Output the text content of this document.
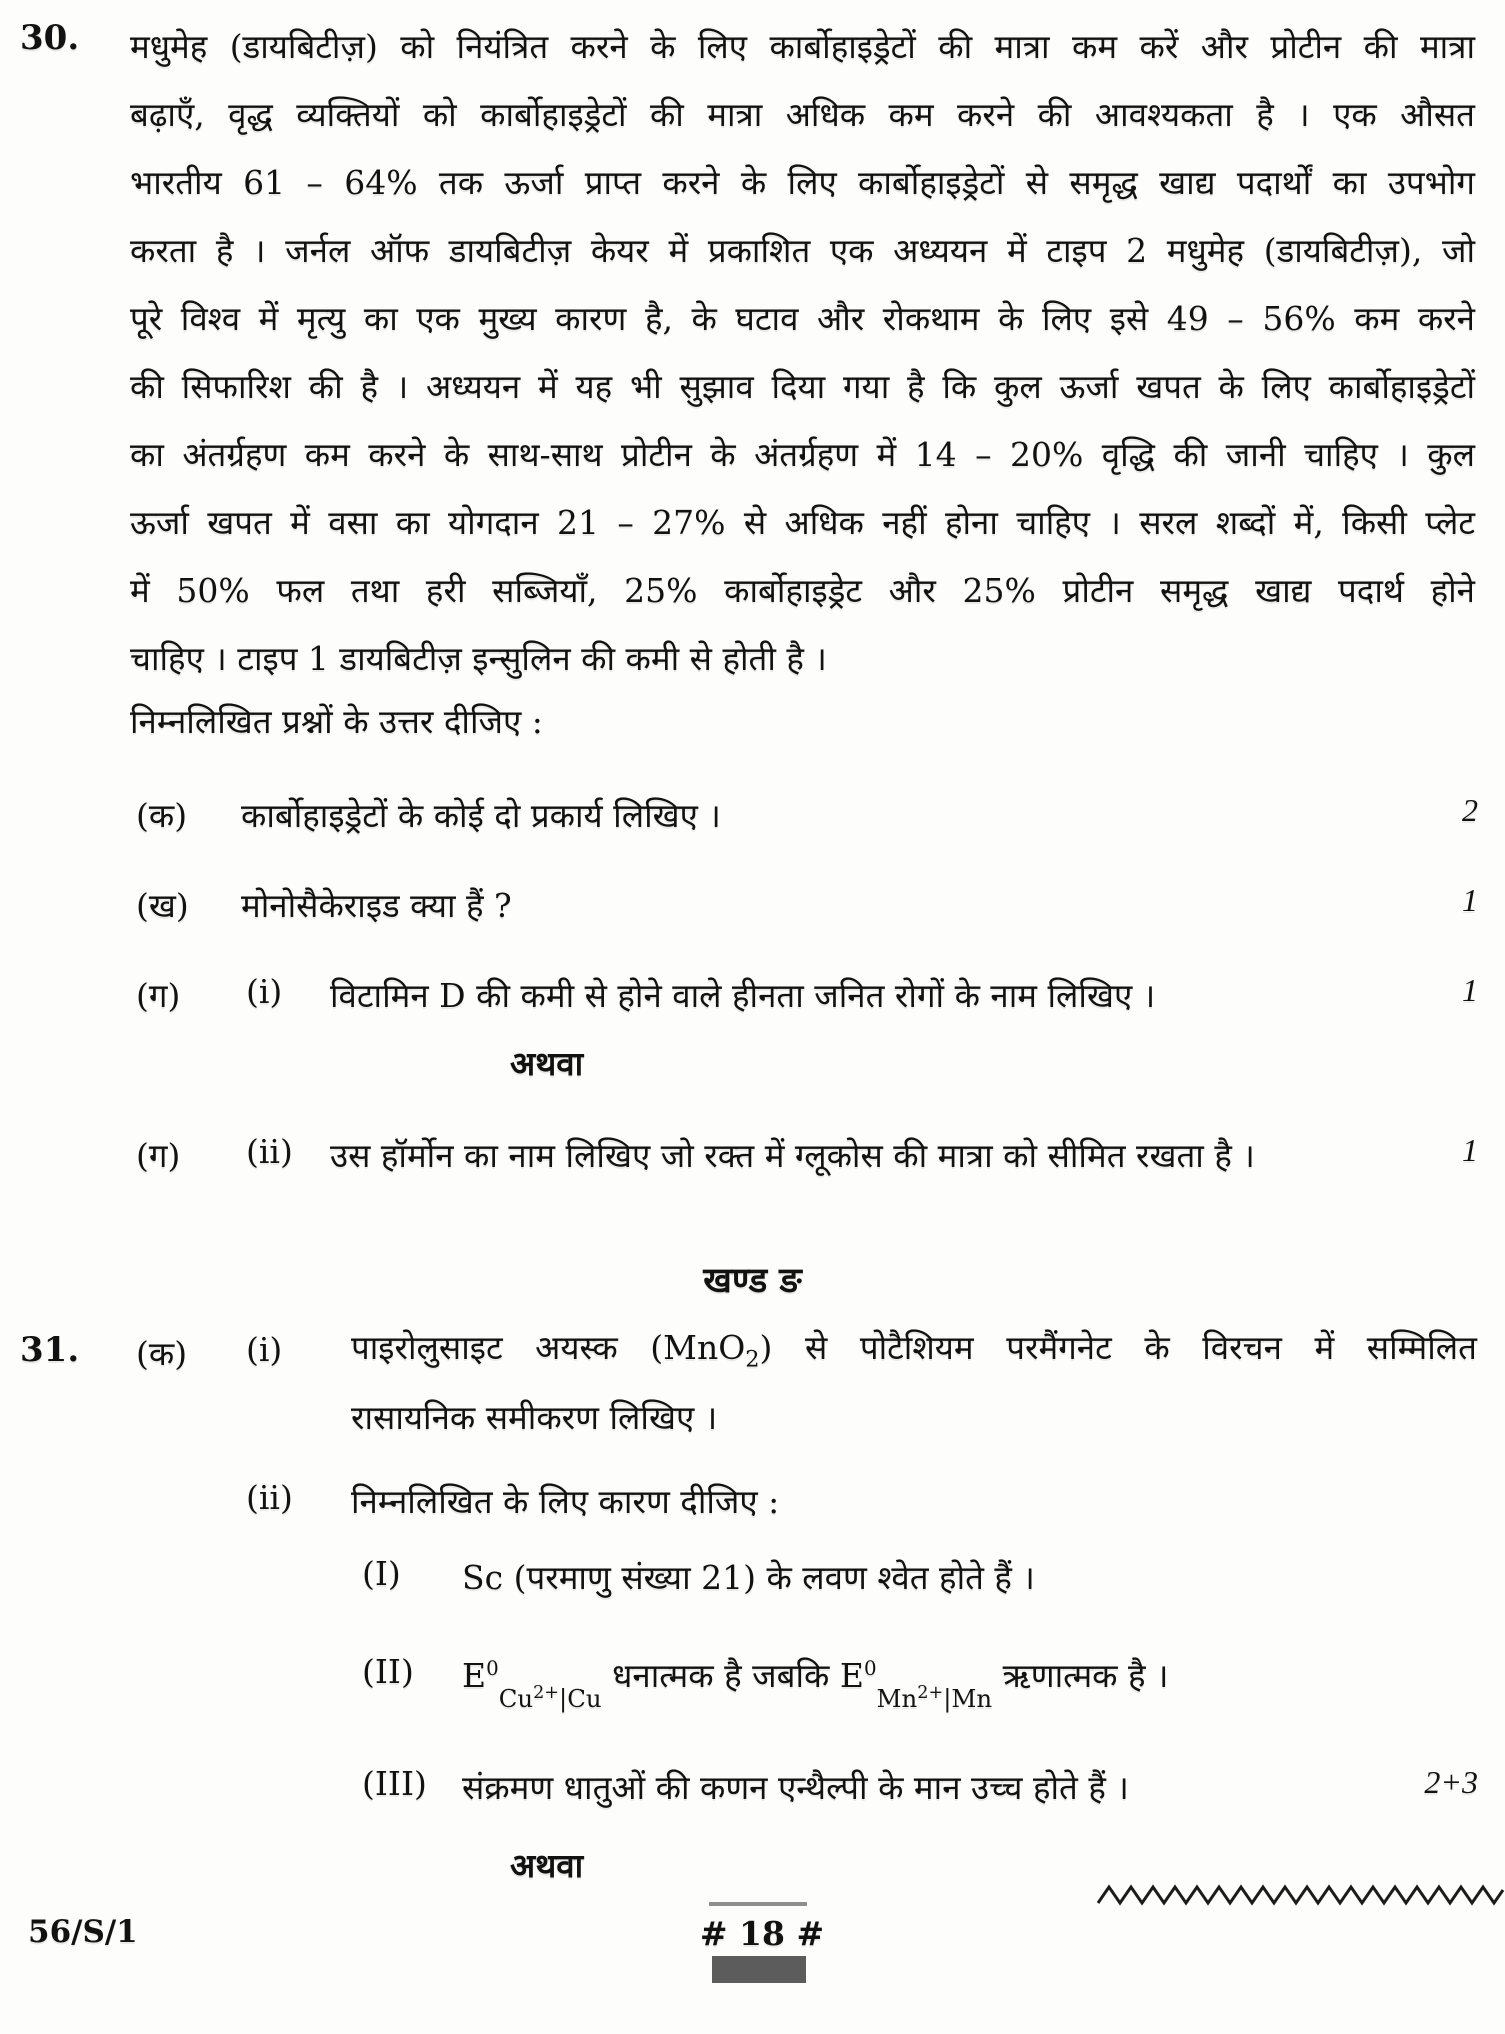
30. मधुमेह (डायबिटीज़) को नियंत्रित करने के लिए कार्बोहाइड्रेटों की मात्रा कम करें और प्रोटीन की मात्रा
बढ़ाएँ, वृद्ध व्यक्तियों को कार्बोहाइड्रेटों की मात्रा अधिक कम करने की आवश्यकता है । एक औसत
भारतीय 61 – 64% तक ऊर्जा प्राप्त करने के लिए कार्बोहाइड्रेटों से समृद्ध खाद्य पदार्थों का उपभोग
करता है । जर्नल ऑफ डायबिटीज़ केयर में प्रकाशित एक अध्ययन में टाइप 2 मधुमेह (डायबिटीज़), जो
पूरे विश्व में मृत्यु का एक मुख्य कारण है, के घटाव और रोकथाम के लिए इसे 49 – 56% कम करने
की सिफारिश की है । अध्ययन में यह भी सुझाव दिया गया है कि कुल ऊर्जा खपत के लिए कार्बोहाइड्रेटों
का अंतर्ग्रहण कम करने के साथ-साथ प्रोटीन के अंतर्ग्रहण में 14 – 20% वृद्धि की जानी चाहिए । कुल
ऊर्जा खपत में वसा का योगदान 21 – 27% से अधिक नहीं होना चाहिए । सरल शब्दों में, किसी प्लेट
में 50% फल तथा हरी सब्जियाँ, 25% कार्बोहाइड्रेट और 25% प्रोटीन समृद्ध खाद्य पदार्थ होने
चाहिए । टाइप 1 डायबिटीज़ इन्सुलिन की कमी से होती है ।
निम्नलिखित प्रश्नों के उत्तर दीजिए :
(क) कार्बोहाइड्रेटों के कोई दो प्रकार्य लिखिए ।	2
(ख) मोनोसैकेराइड क्या हैं ?	1
(ग) (i) विटामिन D की कमी से होने वाले हीनता जनित रोगों के नाम लिखिए ।	1
अथवा
(ग) (ii) उस हॉर्मोन का नाम लिखिए जो रक्त में ग्लूकोस की मात्रा को सीमित रखता है ।	1
खण्ड ङ
31. (क) (i) पाइरोलुसाइट अयस्क (MnO$_2$) से पोटैशियम परमैंगनेट के विरचन में सम्मिलित
रासायनिक समीकरण लिखिए ।
(ii) निम्नलिखित के लिए कारण दीजिए :
(I) Sc (परमाणु संख्या 21) के लवण श्वेत होते हैं ।
(II) $E^0_{Cu^{2+}|Cu}$ धनात्मक है जबकि $E^0_{Mn^{2+}|Mn}$ ऋणात्मक है ।
(III) संक्रमण धातुओं की कणन एन्थैल्पी के मान उच्च होते हैं ।	2+3
अथवा
56/S/1	# 18 #
